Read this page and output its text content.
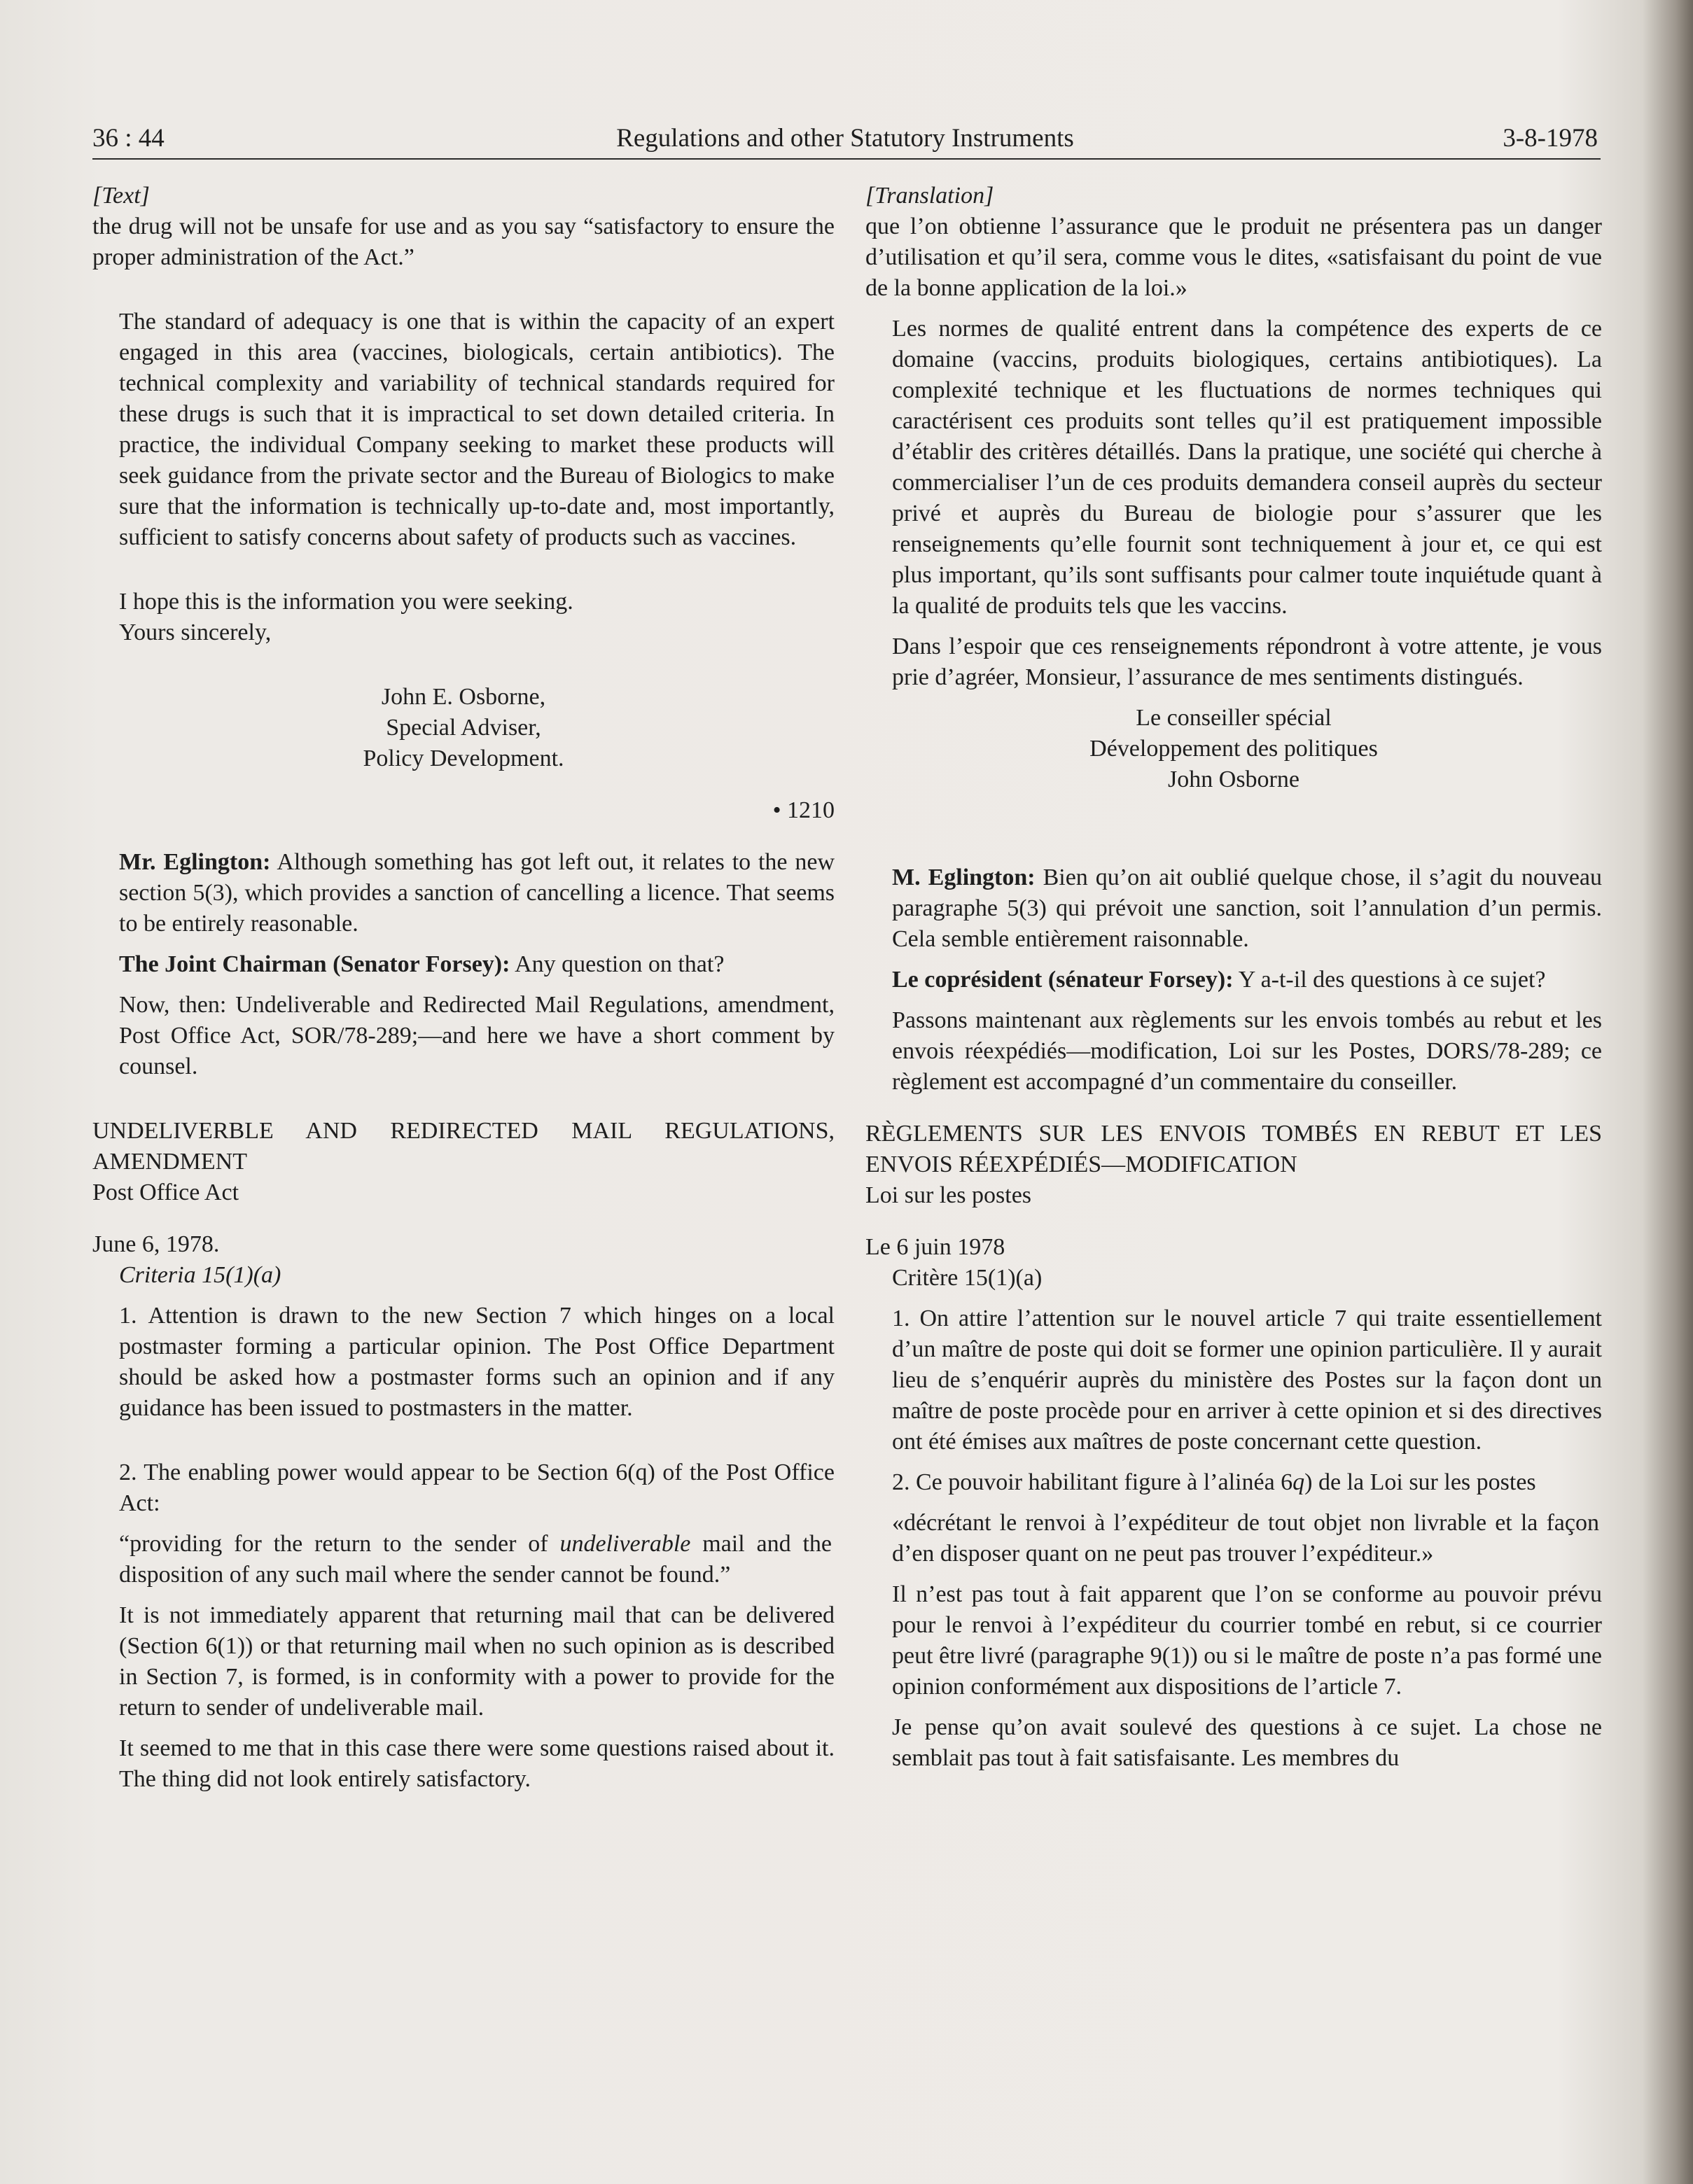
36 : 44	Regulations and other Statutory Instruments	3-8-1978

[Text]

the drug will not be unsafe for use and as you say “satisfactory to ensure the proper administration of the Act.”

The standard of adequacy is one that is within the capacity of an expert engaged in this area (vaccines, biologicals, certain antibiotics). The technical complexity and variability of technical standards required for these drugs is such that it is impractical to set down detailed criteria. In practice, the individual Company seeking to market these products will seek guidance from the private sector and the Bureau of Biologics to make sure that the information is technically up-to-date and, most importantly, sufficient to satisfy concerns about safety of products such as vaccines.

I hope this is the information you were seeking.

Yours sincerely,

John E. Osborne,

Special Adviser,

Policy Development.

• 1210

Mr. Eglington: Although something has got left out, it relates to the new section 5(3), which provides a sanction of cancelling a licence. That seems to be entirely reasonable.

The Joint Chairman (Senator Forsey): Any question on that?

Now, then: Undeliverable and Redirected Mail Regulations, amendment, Post Office Act, SOR/78-289;—and here we have a short comment by counsel.

UNDELIVERBLE AND REDIRECTED MAIL REGULATIONS, AMENDMENT

Post Office Act

June 6, 1978.

Criteria 15(1)(a)

1. Attention is drawn to the new Section 7 which hinges on a local postmaster forming a particular opinion. The Post Office Department should be asked how a postmaster forms such an opinion and if any guidance has been issued to postmasters in the matter.

2. The enabling power would appear to be Section 6(q) of the Post Office Act:

“providing for the return to the sender of undeliverable mail and the disposition of any such mail where the sender cannot be found.”

It is not immediately apparent that returning mail that can be delivered (Section 6(1)) or that returning mail when no such opinion as is described in Section 7, is formed, is in conformity with a power to provide for the return to sender of undeliverable mail.

It seemed to me that in this case there were some questions raised about it. The thing did not look entirely satisfactory.

[Translation]

que l’on obtienne l’assurance que le produit ne présentera pas un danger d’utilisation et qu’il sera, comme vous le dites, «satisfaisant du point de vue de la bonne application de la loi.»

Les normes de qualité entrent dans la compétence des experts de ce domaine (vaccins, produits biologiques, certains antibiotiques). La complexité technique et les fluctuations de normes techniques qui caractérisent ces produits sont telles qu’il est pratiquement impossible d’établir des critères détaillés. Dans la pratique, une société qui cherche à commercialiser l’un de ces produits demandera conseil auprès du secteur privé et auprès du Bureau de biologie pour s’assurer que les renseignements qu’elle fournit sont techniquement à jour et, ce qui est plus important, qu’ils sont suffisants pour calmer toute inquiétude quant à la qualité de produits tels que les vaccins.

Dans l’espoir que ces renseignements répondront à votre attente, je vous prie d’agréer, Monsieur, l’assurance de mes sentiments distingués.

Le conseiller spécial

Développement des politiques

John Osborne

M. Eglington: Bien qu’on ait oublié quelque chose, il s’agit du nouveau paragraphe 5(3) qui prévoit une sanction, soit l’annulation d’un permis. Cela semble entièrement raisonnable.

Le coprésident (sénateur Forsey): Y a-t-il des questions à ce sujet?

Passons maintenant aux règlements sur les envois tombés au rebut et les envois réexpédiés—modification, Loi sur les Postes, DORS/78-289; ce règlement est accompagné d’un commentaire du conseiller.

RÈGLEMENTS SUR LES ENVOIS TOMBÉS EN REBUT ET LES ENVOIS RÉEXPÉDIÉS—MODIFICATION

Loi sur les postes

Le 6 juin 1978

Critère 15(1)(a)

1. On attire l’attention sur le nouvel article 7 qui traite essentiellement d’un maître de poste qui doit se former une opinion particulière. Il y aurait lieu de s’enquérir auprès du ministère des Postes sur la façon dont un maître de poste procède pour en arriver à cette opinion et si des directives ont été émises aux maîtres de poste concernant cette question.

2. Ce pouvoir habilitant figure à l’alinéa 6q) de la Loi sur les postes

«décrétant le renvoi à l’expéditeur de tout objet non livrable et la façon d’en disposer quant on ne peut pas trouver l’expéditeur.»

Il n’est pas tout à fait apparent que l’on se conforme au pouvoir prévu pour le renvoi à l’expéditeur du courrier tombé en rebut, si ce courrier peut être livré (paragraphe 9(1)) ou si le maître de poste n’a pas formé une opinion conformément aux dispositions de l’article 7.

Je pense qu’on avait soulevé des questions à ce sujet. La chose ne semblait pas tout à fait satisfaisante. Les membres du
